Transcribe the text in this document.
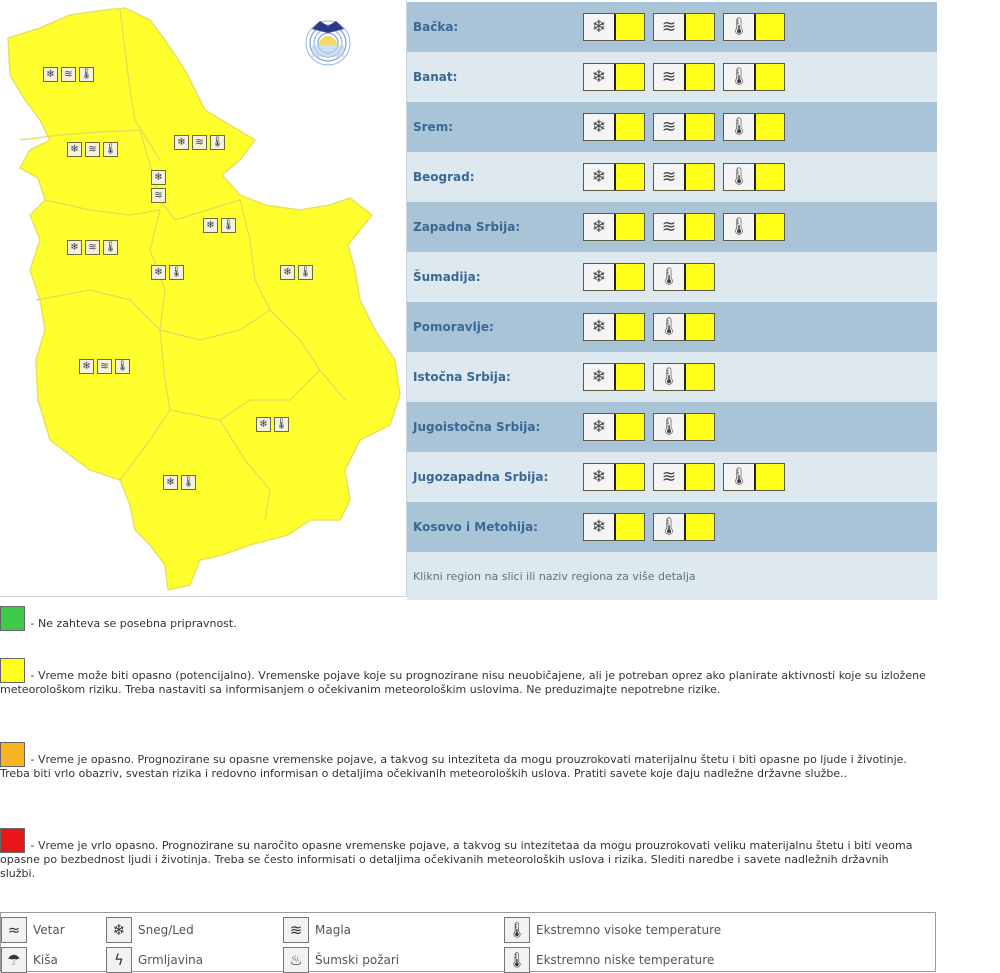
❄ ≋ 🌡
❄ ≋ 🌡
❄ ≋ 🌡
❄
≋
❄ 🌡
❄ ≋ 🌡
❄ 🌡	❄ 🌡
❄ ≋ 🌡
❄ 🌡
❄ 🌡
Bačka:	❄	≋	🌡
Banat:	❄	≋	🌡
Srem:	❄	≋	🌡
Beograd:	❄	≋	🌡
Zapadna Srbija:	❄	≋	🌡
Šumadija:	❄	🌡
Pomoravlje:	❄	🌡
Istočna Srbija:	❄	🌡
Jugoistočna Srbija:	❄	🌡
Jugozapadna Srbija:	❄	≋	🌡
Kosovo i Metohija:	❄	🌡
Klikni region na slici ili naziv regiona za više detalja
- Ne zahteva se posebna pripravnost.
- Vreme može biti opasno (potencijalno). Vremenske pojave koje su prognozirane nisu neuobičajene, ali je potreban oprez ako planirate aktivnosti koje su izložene meteorološkom riziku. Treba nastaviti sa informisanjem o očekivanim meteorološkim uslovima. Ne preduzimajte nepotrebne rizike.
- Vreme je opasno. Prognozirane su opasne vremenske pojave, a takvog su inteziteta da mogu prouzrokovati materijalnu štetu i biti opasne po ljude i životinje. Treba biti vrlo obazriv, svestan rizika i redovno informisan o detaljima očekivanih meteoroloških uslova. Pratiti savete koje daju nadležne državne službe..
- Vreme je vrlo opasno. Prognozirane su naročito opasne vremenske pojave, a takvog su intezitetaa da mogu prouzrokovati veliku materijalnu štetu i biti veoma opasne po bezbednost ljudi i životinja. Treba se često informisati o detaljima očekivanih meteoroloških uslova i rizika. Slediti naredbe i savete nadležnih državnih službi.
≈	Vetar	❄	Sneg/Led	≋	Magla	🌡 Ekstremno visoke temperature
☂	Kiša	ϟ	Grmljavina	♨	Šumski požari	🌡 Ekstremno niske temperature
